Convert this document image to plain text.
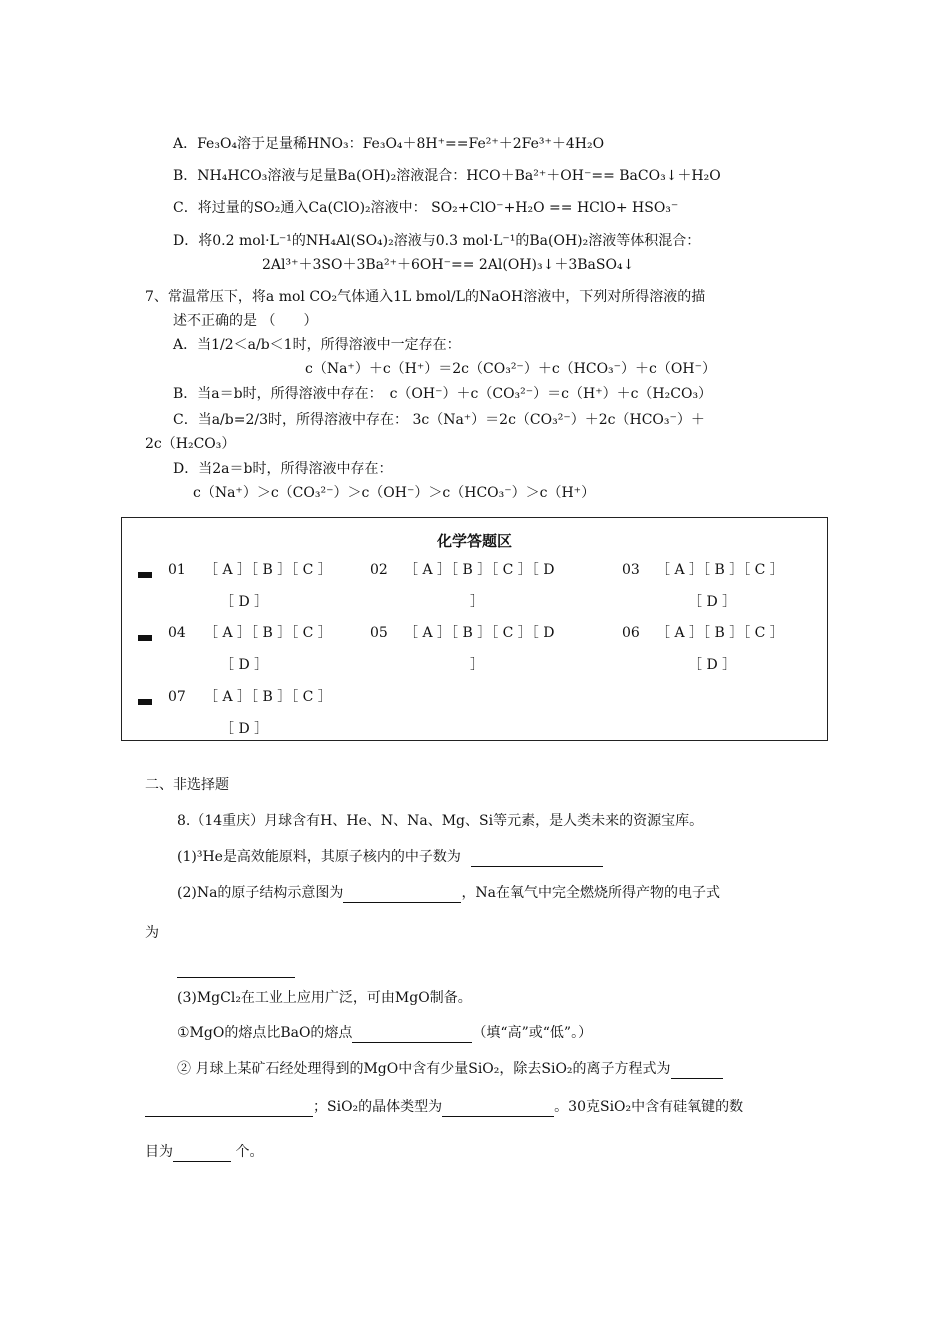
A．Fe₃O₄溶于足量稀HNO₃：Fe₃O₄＋8H⁺==Fe²⁺＋2Fe³⁺＋4H₂O
B．NH₄HCO₃溶液与足量Ba(OH)₂溶液混合：HCO＋Ba²⁺＋OH⁻== BaCO₃↓＋H₂O
C．将过量的SO₂通入Ca(ClO)₂溶液中： SO₂+ClO⁻+H₂O == HClO+ HSO₃⁻
D．将0.2 mol·L⁻¹的NH₄Al(SO₄)₂溶液与0.3 mol·L⁻¹的Ba(OH)₂溶液等体积混合：
2Al³⁺＋3SO＋3Ba²⁺＋6OH⁻== 2Al(OH)₃↓＋3BaSO₄↓
7、常温常压下，将a mol CO₂气体通入1L bmol/L的NaOH溶液中，下列对所得溶液的描
述不正确的是 （　　）
A．当1/2＜a/b＜1时，所得溶液中一定存在：
c（Na⁺）＋c（H⁺）＝2c（CO₃²⁻）＋c（HCO₃⁻）＋c（OH⁻）
B．当a＝b时，所得溶液中存在：　c（OH⁻）＋c（CO₃²⁻）＝c（H⁺）＋c（H₂CO₃）
C．当a/b=2/3时，所得溶液中存在： 3c（Na⁺）＝2c（CO₃²⁻）＋2c（HCO₃⁻）＋
2c（H₂CO₃）
D．当2a＝b时，所得溶液中存在：
c（Na⁺）＞c（CO₃²⁻）＞c（OH⁻）＞c（HCO₃⁻）＞c（H⁺）
化学答题区
01 ［ A ］［ B ］［ C ］
［ D ］
02 ［ A ］［ B ］［ C ］［ D
］
03 ［ A ］［ B ］［ C ］
［ D ］
04 ［ A ］［ B ］［ C ］
［ D ］
05 ［ A ］［ B ］［ C ］［ D
］
06 ［ A ］［ B ］［ C ］
［ D ］
07 ［ A ］［ B ］［ C ］
［ D ］
二、非选择题
8.（14重庆）月球含有H、He、N、Na、Mg、Si等元素，是人类未来的资源宝库。
(1)³He是高效能原料，其原子核内的中子数为
(2)Na的原子结构示意图为	，Na在氧气中完全燃烧所得产物的电子式
为
(3)MgCl₂在工业上应用广泛，可由MgO制备。
①MgO的熔点比BaO的熔点	（填“高”或“低”。）
② 月球上某矿石经处理得到的MgO中含有少量SiO₂，除去SiO₂的离子方程式为
；SiO₂的晶体类型为	。30克SiO₂中含有硅氧键的数
目为	个。
